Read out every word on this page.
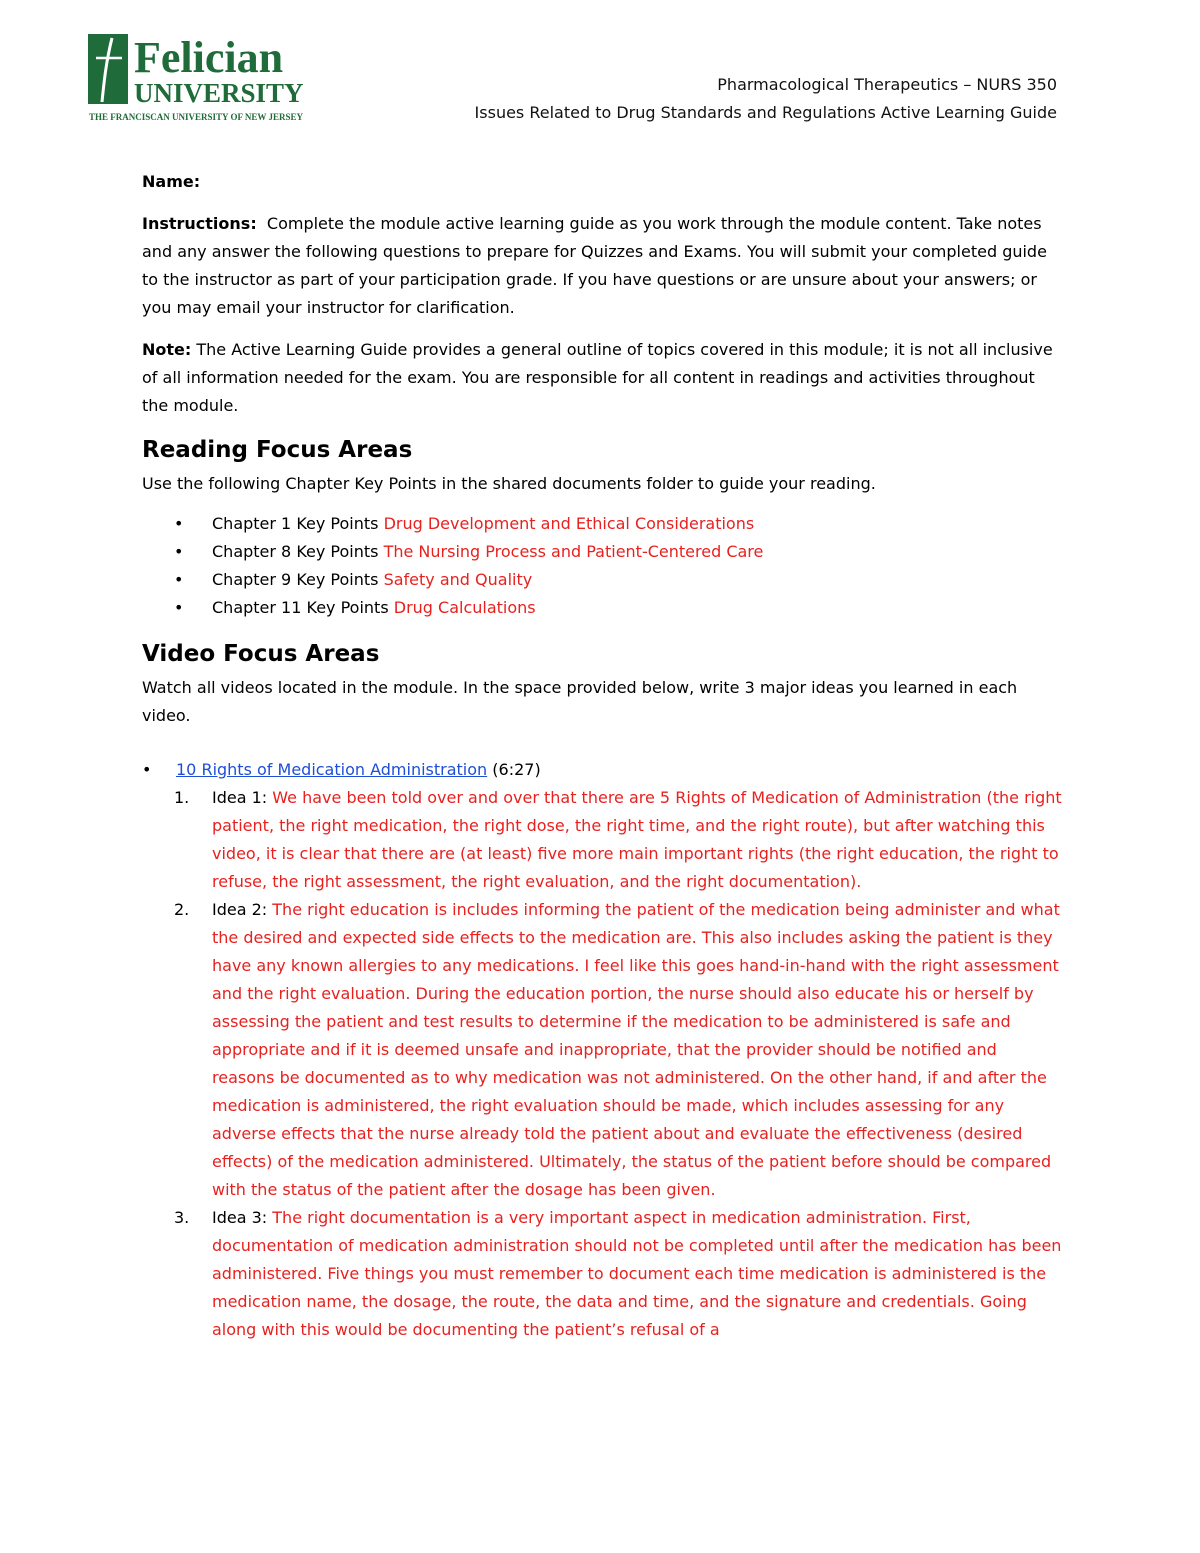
Felician
UNIVERSITY
THE FRANCISCAN UNIVERSITY OF NEW JERSEY
Pharmacological Therapeutics – NURS 350
Issues Related to Drug Standards and Regulations Active Learning Guide

Name:

Instructions: Complete the module active learning guide as you work through the module content. Take notes and any answer the following questions to prepare for Quizzes and Exams. You will submit your completed guide to the instructor as part of your participation grade. If you have questions or are unsure about your answers; or you may email your instructor for clarification.

Note: The Active Learning Guide provides a general outline of topics covered in this module; it is not all inclusive of all information needed for the exam. You are responsible for all content in readings and activities throughout the module.

Reading Focus Areas

Use the following Chapter Key Points in the shared documents folder to guide your reading.

• Chapter 1 Key Points Drug Development and Ethical Considerations
• Chapter 8 Key Points The Nursing Process and Patient-Centered Care
• Chapter 9 Key Points Safety and Quality
• Chapter 11 Key Points Drug Calculations
Video Focus Areas

Watch all videos located in the module. In the space provided below, write 3 major ideas you learned in each video.

• 10 Rights of Medication Administration (6:27)
1. Idea 1: We have been told over and over that there are 5 Rights of Medication of Administration (the right patient, the right medication, the right dose, the right time, and the right route), but after watching this video, it is clear that there are (at least) five more main important rights (the right education, the right to refuse, the right assessment, the right evaluation, and the right documentation).
2. Idea 2: The right education is includes informing the patient of the medication being administer and what the desired and expected side effects to the medication are. This also includes asking the patient is they have any known allergies to any medications. I feel like this goes hand-in-hand with the right assessment and the right evaluation. During the education portion, the nurse should also educate his or herself by assessing the patient and test results to determine if the medication to be administered is safe and appropriate and if it is deemed unsafe and inappropriate, that the provider should be notified and reasons be documented as to why medication was not administered. On the other hand, if and after the medication is administered, the right evaluation should be made, which includes assessing for any adverse effects that the nurse already told the patient about and evaluate the effectiveness (desired effects) of the medication administered. Ultimately, the status of the patient before should be compared with the status of the patient after the dosage has been given.
3. Idea 3: The right documentation is a very important aspect in medication administration. First, documentation of medication administration should not be completed until after the medication has been administered. Five things you must remember to document each time medication is administered is the medication name, the dosage, the route, the data and time, and the signature and credentials. Going along with this would be documenting the patient’s refusal of a
